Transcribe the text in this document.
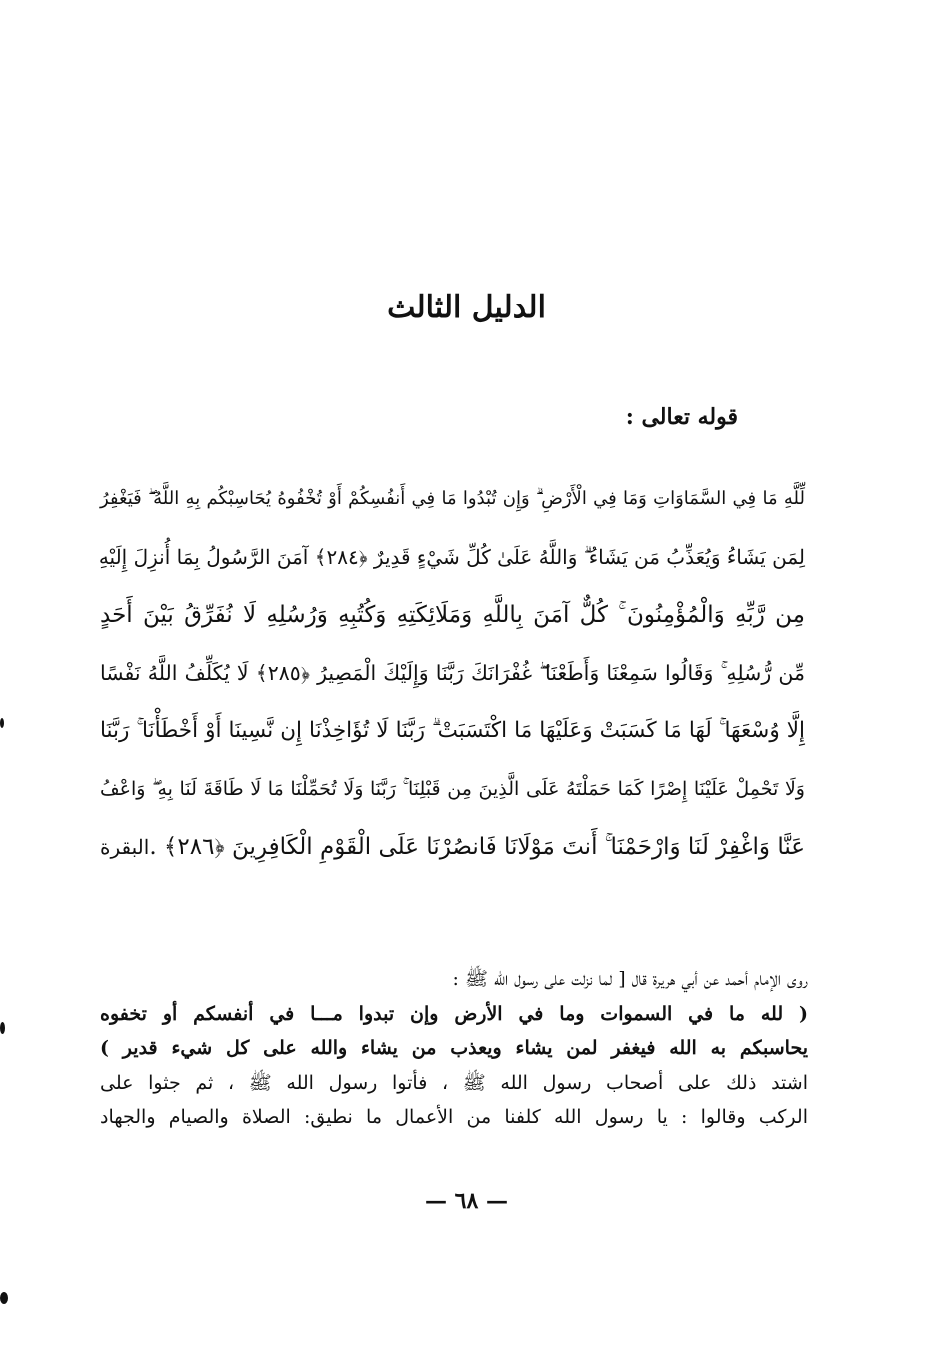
الدليل الثالث
قوله تعالى :
لِّلَّهِ مَا فِي السَّمَاوَاتِ وَمَا فِي الْأَرْضِ ۗ وَإِن تُبْدُوا مَا فِي أَنفُسِكُمْ أَوْ تُخْفُوهُ يُحَاسِبْكُم بِهِ اللَّهُ ۖ فَيَغْفِرُ
لِمَن يَشَاءُ وَيُعَذِّبُ مَن يَشَاءُ ۗ وَاللَّهُ عَلَىٰ كُلِّ شَيْءٍ قَدِيرٌ ﴿٢٨٤﴾ آمَنَ الرَّسُولُ بِمَا أُنزِلَ إِلَيْهِ
مِن رَّبِّهِ وَالْمُؤْمِنُونَ ۚ كُلٌّ آمَنَ بِاللَّهِ وَمَلَائِكَتِهِ وَكُتُبِهِ وَرُسُلِهِ لَا نُفَرِّقُ بَيْنَ أَحَدٍ
مِّن رُّسُلِهِ ۚ وَقَالُوا سَمِعْنَا وَأَطَعْنَا ۖ غُفْرَانَكَ رَبَّنَا وَإِلَيْكَ الْمَصِيرُ ﴿٢٨٥﴾ لَا يُكَلِّفُ اللَّهُ نَفْسًا
إِلَّا وُسْعَهَا ۚ لَهَا مَا كَسَبَتْ وَعَلَيْهَا مَا اكْتَسَبَتْ ۗ رَبَّنَا لَا تُؤَاخِذْنَا إِن نَّسِينَا أَوْ أَخْطَأْنَا ۚ رَبَّنَا
وَلَا تَحْمِلْ عَلَيْنَا إِصْرًا كَمَا حَمَلْتَهُ عَلَى الَّذِينَ مِن قَبْلِنَا ۚ رَبَّنَا وَلَا تُحَمِّلْنَا مَا لَا طَاقَةَ لَنَا بِهِ ۖ وَاعْفُ
عَنَّا وَاغْفِرْ لَنَا وَارْحَمْنَا ۚ أَنتَ مَوْلَانَا فَانصُرْنَا عَلَى الْقَوْمِ الْكَافِرِينَ ﴿٢٨٦﴾ .
البقرة
روى الإمام أحمد عن أبي هريرة قال [ لما نزلت على رسول الله ﷺ :
( لله ما في السموات وما في الأرض وإن تبدوا مـــا في أنفسكم أو تخفوه
يحاسبكم به الله فيغفر لمن يشاء ويعذب من يشاء والله على كل شيء قدير )
اشتد ذلك على أصحاب رسول الله ﷺ ، فأتوا رسول الله ﷺ ، ثم جثوا على
الركب وقالوا : يا رسول الله كلفنا من الأعمال ما نطيق: الصلاة والصيام والجهاد
— ٦٨ —
